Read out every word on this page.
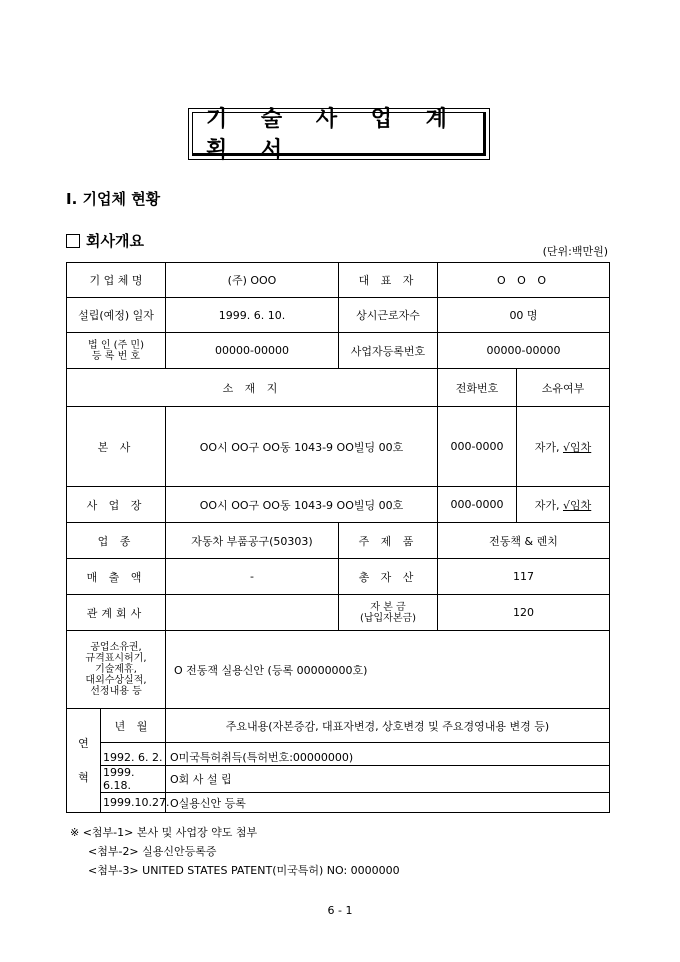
기 술 사 업 계 획 서
Ⅰ. 기업체 현황
회사개요
(단위:백만원)
기 업 체 명		(주) OOO	대 표 자	O O O	
설립(예정) 일자		1999. 6. 10.	상시근로자수	00 명	
법 인 (주 민)
등 록 번 호		00000-00000	사업자등록번호	00000-00000	
소 재 지				전화번호	소유여부
본 사		OO시 OO구 OO동 1043-9 OO빌딩 00호		000-0000	자가, √임차
사 업 장		OO시 OO구 OO동 1043-9 OO빌딩 00호		000-0000	자가, √임차
업 종		자동차 부품공구(50303)	주 제 품	전동책 & 렌치	
매 출 액		-	총 자 산	117	
관계회사			자 본 금
(납입자본금)	120	
공업소유권,
규격표시허기,
기술제휴,
대외수상실적,
선정내용 등		O 전동잭 실용신안 (등록 00000000호)			
연
혁	년 월	주요내용(자본증감, 대표자변경, 상호변경 및 주요경영내용 변경 등)			
	1992. 6. 2.	O미국특허취득(특허번호:00000000)			
	1999. 6.18.	O회 사 설 립			
	1999.10.27.	O실용신안 등록			
※ <첨부-1> 본사 및 사업장 약도 첨부
<첨부-2> 실용신안등록증
<첨부-3> UNITED STATES PATENT(미국특허) NO: 0000000
6 - 1
